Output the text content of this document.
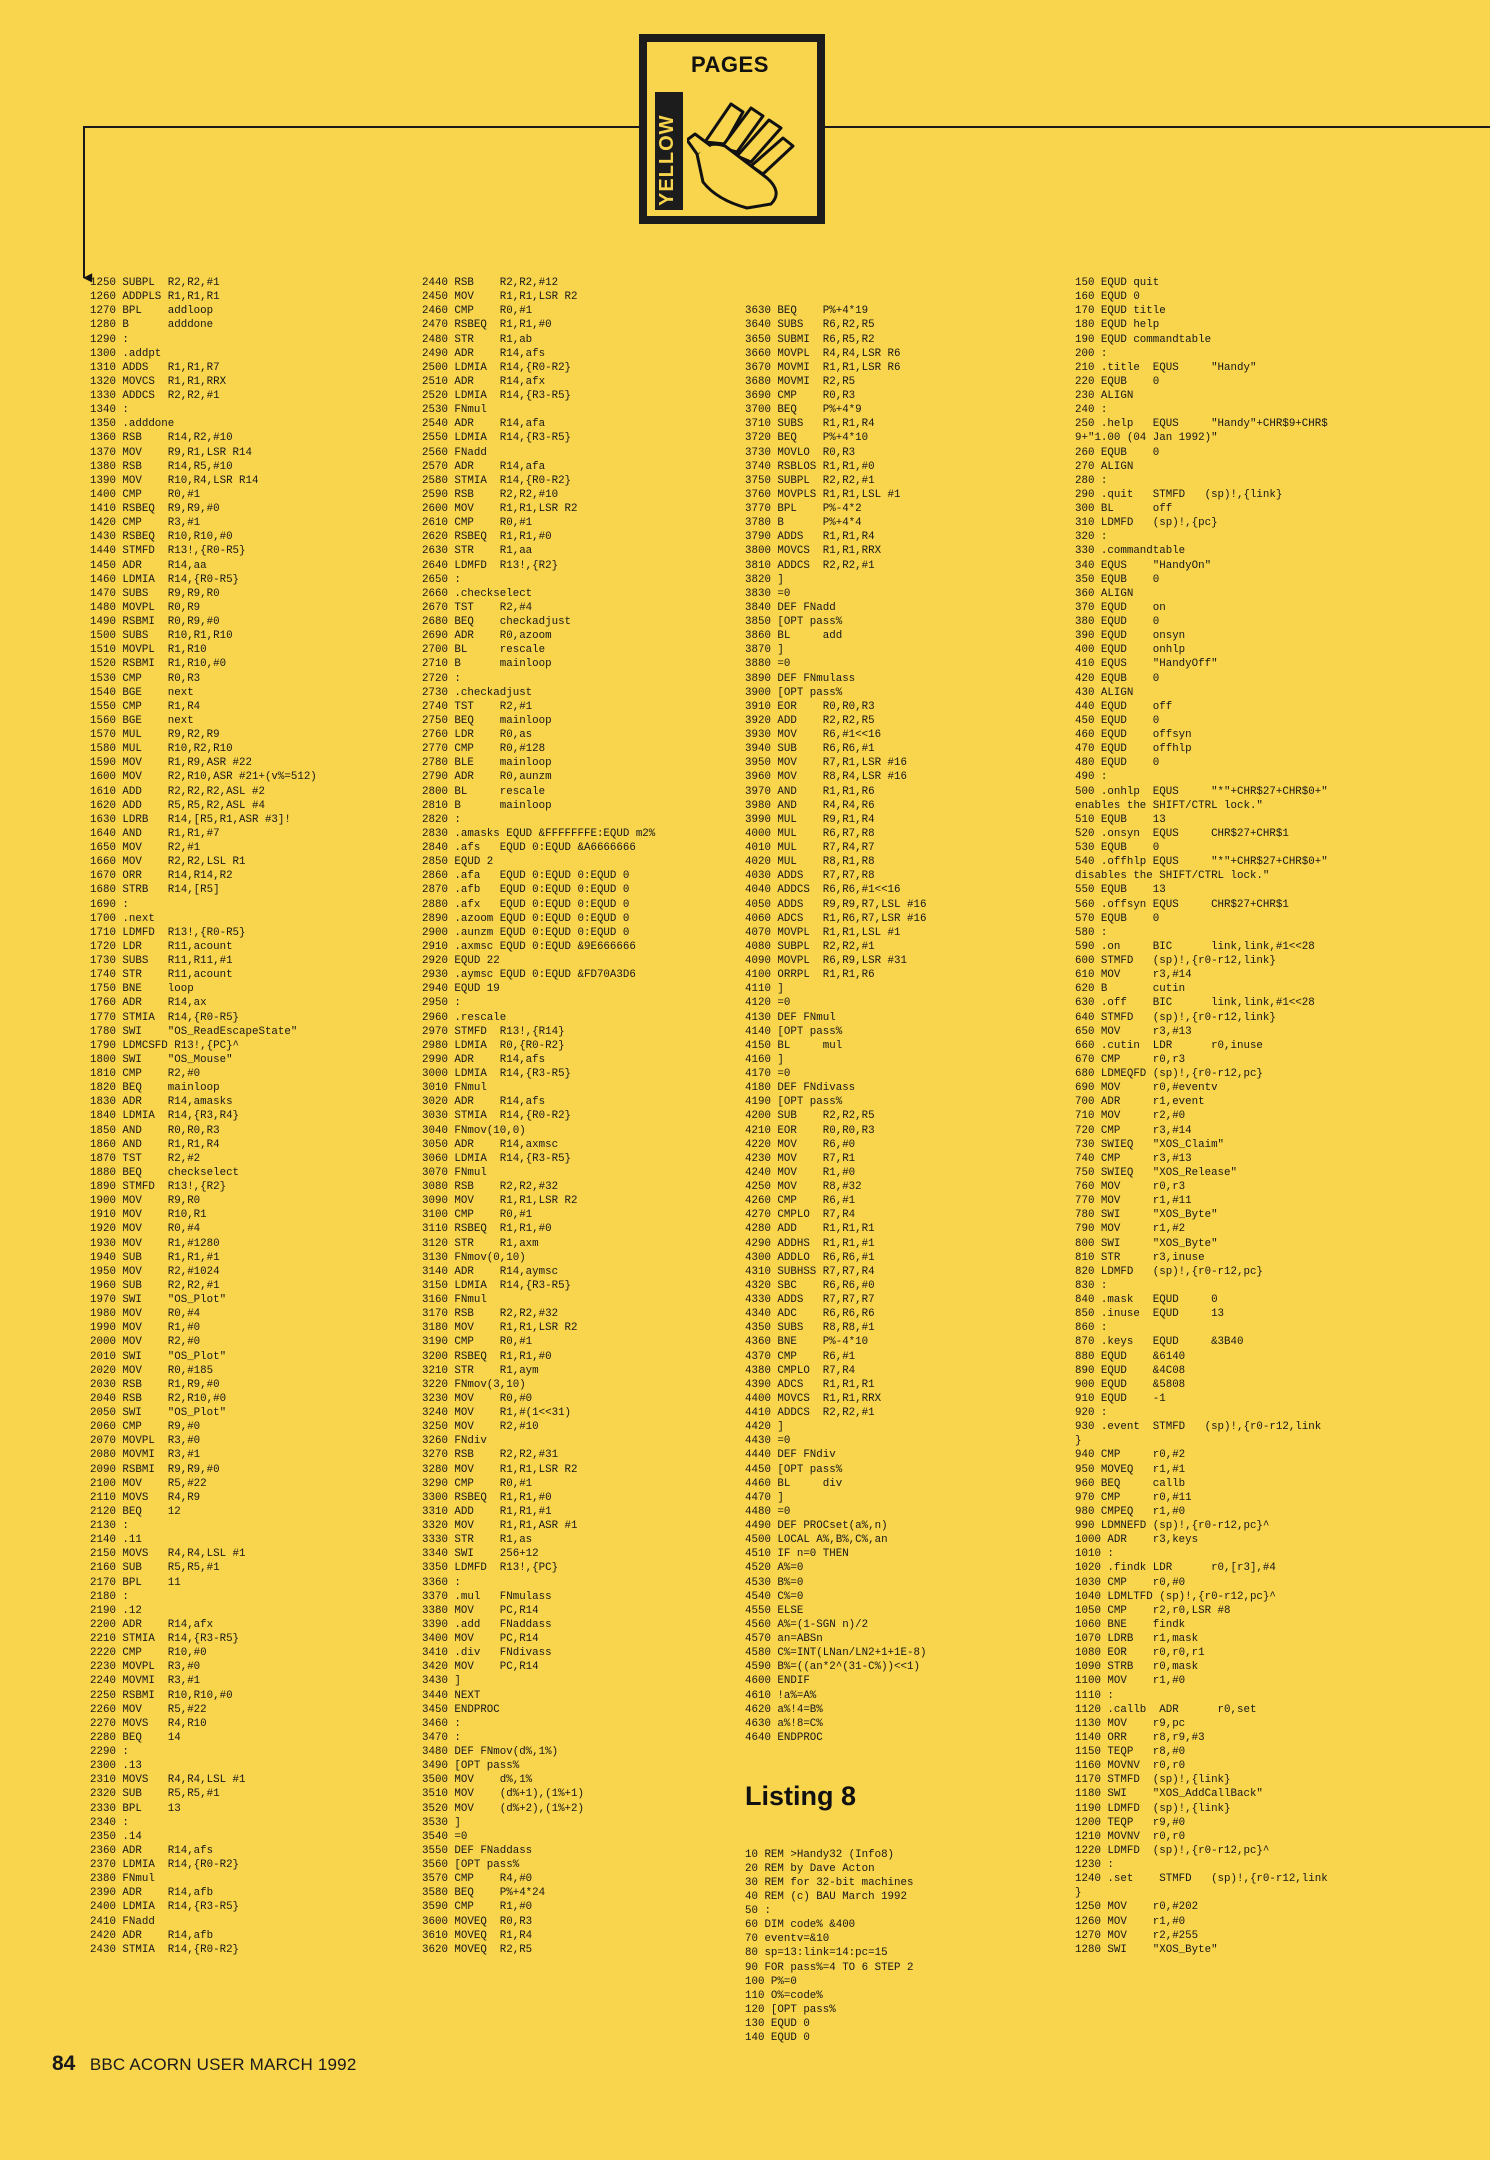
PAGES
YELLOW
◀
1250 SUBPL  R2,R2,#1
1260 ADDPLS R1,R1,R1
1270 BPL    addloop
1280 B      adddone
1290 :
1300 .addpt
1310 ADDS   R1,R1,R7
1320 MOVCS  R1,R1,RRX
1330 ADDCS  R2,R2,#1
1340 :
1350 .adddone
1360 RSB    R14,R2,#10
1370 MOV    R9,R1,LSR R14
1380 RSB    R14,R5,#10
1390 MOV    R10,R4,LSR R14
1400 CMP    R0,#1
1410 RSBEQ  R9,R9,#0
1420 CMP    R3,#1
1430 RSBEQ  R10,R10,#0
1440 STMFD  R13!,{R0-R5}
1450 ADR    R14,aa
1460 LDMIA  R14,{R0-R5}
1470 SUBS   R9,R9,R0
1480 MOVPL  R0,R9
1490 RSBMI  R0,R9,#0
1500 SUBS   R10,R1,R10
1510 MOVPL  R1,R10
1520 RSBMI  R1,R10,#0
1530 CMP    R0,R3
1540 BGE    next
1550 CMP    R1,R4
1560 BGE    next
1570 MUL    R9,R2,R9
1580 MUL    R10,R2,R10
1590 MOV    R1,R9,ASR #22
1600 MOV    R2,R10,ASR #21+(v%=512)
1610 ADD    R2,R2,R2,ASL #2
1620 ADD    R5,R5,R2,ASL #4
1630 LDRB   R14,[R5,R1,ASR #3]!
1640 AND    R1,R1,#7
1650 MOV    R2,#1
1660 MOV    R2,R2,LSL R1
1670 ORR    R14,R14,R2
1680 STRB   R14,[R5]
1690 :
1700 .next
1710 LDMFD  R13!,{R0-R5}
1720 LDR    R11,acount
1730 SUBS   R11,R11,#1
1740 STR    R11,acount
1750 BNE    loop
1760 ADR    R14,ax
1770 STMIA  R14,{R0-R5}
1780 SWI    "OS_ReadEscapeState"
1790 LDMCSFD R13!,{PC}^
1800 SWI    "OS_Mouse"
1810 CMP    R2,#0
1820 BEQ    mainloop
1830 ADR    R14,amasks
1840 LDMIA  R14,{R3,R4}
1850 AND    R0,R0,R3
1860 AND    R1,R1,R4
1870 TST    R2,#2
1880 BEQ    checkselect
1890 STMFD  R13!,{R2}
1900 MOV    R9,R0
1910 MOV    R10,R1
1920 MOV    R0,#4
1930 MOV    R1,#1280
1940 SUB    R1,R1,#1
1950 MOV    R2,#1024
1960 SUB    R2,R2,#1
1970 SWI    "OS_Plot"
1980 MOV    R0,#4
1990 MOV    R1,#0
2000 MOV    R2,#0
2010 SWI    "OS_Plot"
2020 MOV    R0,#185
2030 RSB    R1,R9,#0
2040 RSB    R2,R10,#0
2050 SWI    "OS_Plot"
2060 CMP    R9,#0
2070 MOVPL  R3,#0
2080 MOVMI  R3,#1
2090 RSBMI  R9,R9,#0
2100 MOV    R5,#22
2110 MOVS   R4,R9
2120 BEQ    12
2130 :
2140 .11
2150 MOVS   R4,R4,LSL #1
2160 SUB    R5,R5,#1
2170 BPL    11
2180 :
2190 .12
2200 ADR    R14,afx
2210 STMIA  R14,{R3-R5}
2220 CMP    R10,#0
2230 MOVPL  R3,#0
2240 MOVMI  R3,#1
2250 RSBMI  R10,R10,#0
2260 MOV    R5,#22
2270 MOVS   R4,R10
2280 BEQ    14
2290 :
2300 .13
2310 MOVS   R4,R4,LSL #1
2320 SUB    R5,R5,#1
2330 BPL    13
2340 :
2350 .14
2360 ADR    R14,afs
2370 LDMIA  R14,{R0-R2}
2380 FNmul
2390 ADR    R14,afb
2400 LDMIA  R14,{R3-R5}
2410 FNadd
2420 ADR    R14,afb
2430 STMIA  R14,{R0-R2}
2440 RSB    R2,R2,#12
2450 MOV    R1,R1,LSR R2
2460 CMP    R0,#1
2470 RSBEQ  R1,R1,#0
2480 STR    R1,ab
2490 ADR    R14,afs
2500 LDMIA  R14,{R0-R2}
2510 ADR    R14,afx
2520 LDMIA  R14,{R3-R5}
2530 FNmul
2540 ADR    R14,afa
2550 LDMIA  R14,{R3-R5}
2560 FNadd
2570 ADR    R14,afa
2580 STMIA  R14,{R0-R2}
2590 RSB    R2,R2,#10
2600 MOV    R1,R1,LSR R2
2610 CMP    R0,#1
2620 RSBEQ  R1,R1,#0
2630 STR    R1,aa
2640 LDMFD  R13!,{R2}
2650 :
2660 .checkselect
2670 TST    R2,#4
2680 BEQ    checkadjust
2690 ADR    R0,azoom
2700 BL     rescale
2710 B      mainloop
2720 :
2730 .checkadjust
2740 TST    R2,#1
2750 BEQ    mainloop
2760 LDR    R0,as
2770 CMP    R0,#128
2780 BLE    mainloop
2790 ADR    R0,aunzm
2800 BL     rescale
2810 B      mainloop
2820 :
2830 .amasks EQUD &FFFFFFFE:EQUD m2%
2840 .afs   EQUD 0:EQUD &A6666666
2850 EQUD 2
2860 .afa   EQUD 0:EQUD 0:EQUD 0
2870 .afb   EQUD 0:EQUD 0:EQUD 0
2880 .afx   EQUD 0:EQUD 0:EQUD 0
2890 .azoom EQUD 0:EQUD 0:EQUD 0
2900 .aunzm EQUD 0:EQUD 0:EQUD 0
2910 .axmsc EQUD 0:EQUD &9E666666
2920 EQUD 22
2930 .aymsc EQUD 0:EQUD &FD70A3D6
2940 EQUD 19
2950 :
2960 .rescale
2970 STMFD  R13!,{R14}
2980 LDMIA  R0,{R0-R2}
2990 ADR    R14,afs
3000 LDMIA  R14,{R3-R5}
3010 FNmul
3020 ADR    R14,afs
3030 STMIA  R14,{R0-R2}
3040 FNmov(10,0)
3050 ADR    R14,axmsc
3060 LDMIA  R14,{R3-R5}
3070 FNmul
3080 RSB    R2,R2,#32
3090 MOV    R1,R1,LSR R2
3100 CMP    R0,#1
3110 RSBEQ  R1,R1,#0
3120 STR    R1,axm
3130 FNmov(0,10)
3140 ADR    R14,aymsc
3150 LDMIA  R14,{R3-R5}
3160 FNmul
3170 RSB    R2,R2,#32
3180 MOV    R1,R1,LSR R2
3190 CMP    R0,#1
3200 RSBEQ  R1,R1,#0
3210 STR    R1,aym
3220 FNmov(3,10)
3230 MOV    R0,#0
3240 MOV    R1,#(1<<31)
3250 MOV    R2,#10
3260 FNdiv
3270 RSB    R2,R2,#31
3280 MOV    R1,R1,LSR R2
3290 CMP    R0,#1
3300 RSBEQ  R1,R1,#0
3310 ADD    R1,R1,#1
3320 MOV    R1,R1,ASR #1
3330 STR    R1,as
3340 SWI    256+12
3350 LDMFD  R13!,{PC}
3360 :
3370 .mul   FNmulass
3380 MOV    PC,R14
3390 .add   FNaddass
3400 MOV    PC,R14
3410 .div   FNdivass
3420 MOV    PC,R14
3430 ]
3440 NEXT
3450 ENDPROC
3460 :
3470 :
3480 DEF FNmov(d%,1%)
3490 [OPT pass%
3500 MOV    d%,1%
3510 MOV    (d%+1),(1%+1)
3520 MOV    (d%+2),(1%+2)
3530 ]
3540 =0
3550 DEF FNaddass
3560 [OPT pass%
3570 CMP    R4,#0
3580 BEQ    P%+4*24
3590 CMP    R1,#0
3600 MOVEQ  R0,R3
3610 MOVEQ  R1,R4
3620 MOVEQ  R2,R5

3630 BEQ    P%+4*19
3640 SUBS   R6,R2,R5
3650 SUBMI  R6,R5,R2
3660 MOVPL  R4,R4,LSR R6
3670 MOVMI  R1,R1,LSR R6
3680 MOVMI  R2,R5
3690 CMP    R0,R3
3700 BEQ    P%+4*9
3710 SUBS   R1,R1,R4
3720 BEQ    P%+4*10
3730 MOVLO  R0,R3
3740 RSBLOS R1,R1,#0
3750 SUBPL  R2,R2,#1
3760 MOVPLS R1,R1,LSL #1
3770 BPL    P%-4*2
3780 B      P%+4*4
3790 ADDS   R1,R1,R4
3800 MOVCS  R1,R1,RRX
3810 ADDCS  R2,R2,#1
3820 ]
3830 =0
3840 DEF FNadd
3850 [OPT pass%
3860 BL     add
3870 ]
3880 =0
3890 DEF FNmulass
3900 [OPT pass%
3910 EOR    R0,R0,R3
3920 ADD    R2,R2,R5
3930 MOV    R6,#1<<16
3940 SUB    R6,R6,#1
3950 MOV    R7,R1,LSR #16
3960 MOV    R8,R4,LSR #16
3970 AND    R1,R1,R6
3980 AND    R4,R4,R6
3990 MUL    R9,R1,R4
4000 MUL    R6,R7,R8
4010 MUL    R7,R4,R7
4020 MUL    R8,R1,R8
4030 ADDS   R7,R7,R8
4040 ADDCS  R6,R6,#1<<16
4050 ADDS   R9,R9,R7,LSL #16
4060 ADCS   R1,R6,R7,LSR #16
4070 MOVPL  R1,R1,LSL #1
4080 SUBPL  R2,R2,#1
4090 MOVPL  R6,R9,LSR #31
4100 ORRPL  R1,R1,R6
4110 ]
4120 =0
4130 DEF FNmul
4140 [OPT pass%
4150 BL     mul
4160 ]
4170 =0
4180 DEF FNdivass
4190 [OPT pass%
4200 SUB    R2,R2,R5
4210 EOR    R0,R0,R3
4220 MOV    R6,#0
4230 MOV    R7,R1
4240 MOV    R1,#0
4250 MOV    R8,#32
4260 CMP    R6,#1
4270 CMPLO  R7,R4
4280 ADD    R1,R1,R1
4290 ADDHS  R1,R1,#1
4300 ADDLO  R6,R6,#1
4310 SUBHSS R7,R7,R4
4320 SBC    R6,R6,#0
4330 ADDS   R7,R7,R7
4340 ADC    R6,R6,R6
4350 SUBS   R8,R8,#1
4360 BNE    P%-4*10
4370 CMP    R6,#1
4380 CMPLO  R7,R4
4390 ADCS   R1,R1,R1
4400 MOVCS  R1,R1,RRX
4410 ADDCS  R2,R2,#1
4420 ]
4430 =0
4440 DEF FNdiv
4450 [OPT pass%
4460 BL     div
4470 ]
4480 =0
4490 DEF PROCset(a%,n)
4500 LOCAL A%,B%,C%,an
4510 IF n=0 THEN
4520 A%=0
4530 B%=0
4540 C%=0
4550 ELSE
4560 A%=(1-SGN n)/2
4570 an=ABSn
4580 C%=INT(LNan/LN2+1+1E-8)
4590 B%=((an*2^(31-C%))<<1)
4600 ENDIF
4610 !a%=A%
4620 a%!4=B%
4630 a%!8=C%
4640 ENDPROC

Listing 8

10 REM >Handy32 (Info8)
20 REM by Dave Acton
30 REM for 32-bit machines
40 REM (c) BAU March 1992
50 :
60 DIM code% &400
70 eventv=&10
80 sp=13:link=14:pc=15
90 FOR pass%=4 TO 6 STEP 2
100 P%=0
110 O%=code%
120 [OPT pass%
130 EQUD 0
140 EQUD 0

150 EQUD quit
160 EQUD 0
170 EQUD title
180 EQUD help
190 EQUD commandtable
200 :
210 .title  EQUS     "Handy"
220 EQUB    0
230 ALIGN
240 :
250 .help   EQUS     "Handy"+CHR$9+CHR$
9+"1.00 (04 Jan 1992)"
260 EQUB    0
270 ALIGN
280 :
290 .quit   STMFD   (sp)!,{link}
300 BL      off
310 LDMFD   (sp)!,{pc}
320 :
330 .commandtable
340 EQUS    "HandyOn"
350 EQUB    0
360 ALIGN
370 EQUD    on
380 EQUD    0
390 EQUD    onsyn
400 EQUD    onhlp
410 EQUS    "HandyOff"
420 EQUB    0
430 ALIGN
440 EQUD    off
450 EQUD    0
460 EQUD    offsyn
470 EQUD    offhlp
480 EQUD    0
490 :
500 .onhlp  EQUS     "*"+CHR$27+CHR$0+"
enables the SHIFT/CTRL lock."
510 EQUB    13
520 .onsyn  EQUS     CHR$27+CHR$1
530 EQUB    0
540 .offhlp EQUS     "*"+CHR$27+CHR$0+"
disables the SHIFT/CTRL lock."
550 EQUB    13
560 .offsyn EQUS     CHR$27+CHR$1
570 EQUB    0
580 :
590 .on     BIC      link,link,#1<<28
600 STMFD   (sp)!,{r0-r12,link}
610 MOV     r3,#14
620 B       cutin
630 .off    BIC      link,link,#1<<28
640 STMFD   (sp)!,{r0-r12,link}
650 MOV     r3,#13
660 .cutin  LDR      r0,inuse
670 CMP     r0,r3
680 LDMEQFD (sp)!,{r0-r12,pc}
690 MOV     r0,#eventv
700 ADR     r1,event
710 MOV     r2,#0
720 CMP     r3,#14
730 SWIEQ   "XOS_Claim"
740 CMP     r3,#13
750 SWIEQ   "XOS_Release"
760 MOV     r0,r3
770 MOV     r1,#11
780 SWI     "XOS_Byte"
790 MOV     r1,#2
800 SWI     "XOS_Byte"
810 STR     r3,inuse
820 LDMFD   (sp)!,{r0-r12,pc}
830 :
840 .mask   EQUD     0
850 .inuse  EQUD     13
860 :
870 .keys   EQUD     &3B40
880 EQUD    &6140
890 EQUD    &4C08
900 EQUD    &5808
910 EQUD    -1
920 :
930 .event  STMFD   (sp)!,{r0-r12,link
}
940 CMP     r0,#2
950 MOVEQ   r1,#1
960 BEQ     callb
970 CMP     r0,#11
980 CMPEQ   r1,#0
990 LDMNEFD (sp)!,{r0-r12,pc}^
1000 ADR    r3,keys
1010 :
1020 .findk LDR      r0,[r3],#4
1030 CMP    r0,#0
1040 LDMLTFD (sp)!,{r0-r12,pc}^
1050 CMP    r2,r0,LSR #8
1060 BNE    findk
1070 LDRB   r1,mask
1080 EOR    r0,r0,r1
1090 STRB   r0,mask
1100 MOV    r1,#0
1110 :
1120 .callb  ADR      r0,set
1130 MOV    r9,pc
1140 ORR    r8,r9,#3
1150 TEQP   r8,#0
1160 MOVNV  r0,r0
1170 STMFD  (sp)!,{link}
1180 SWI    "XOS_AddCallBack"
1190 LDMFD  (sp)!,{link}
1200 TEQP   r9,#0
1210 MOVNV  r0,r0
1220 LDMFD  (sp)!,{r0-r12,pc}^
1230 :
1240 .set    STMFD   (sp)!,{r0-r12,link
}
1250 MOV    r0,#202
1260 MOV    r1,#0
1270 MOV    r2,#255
1280 SWI    "XOS_Byte"
84 BBC ACORN USER MARCH 1992
